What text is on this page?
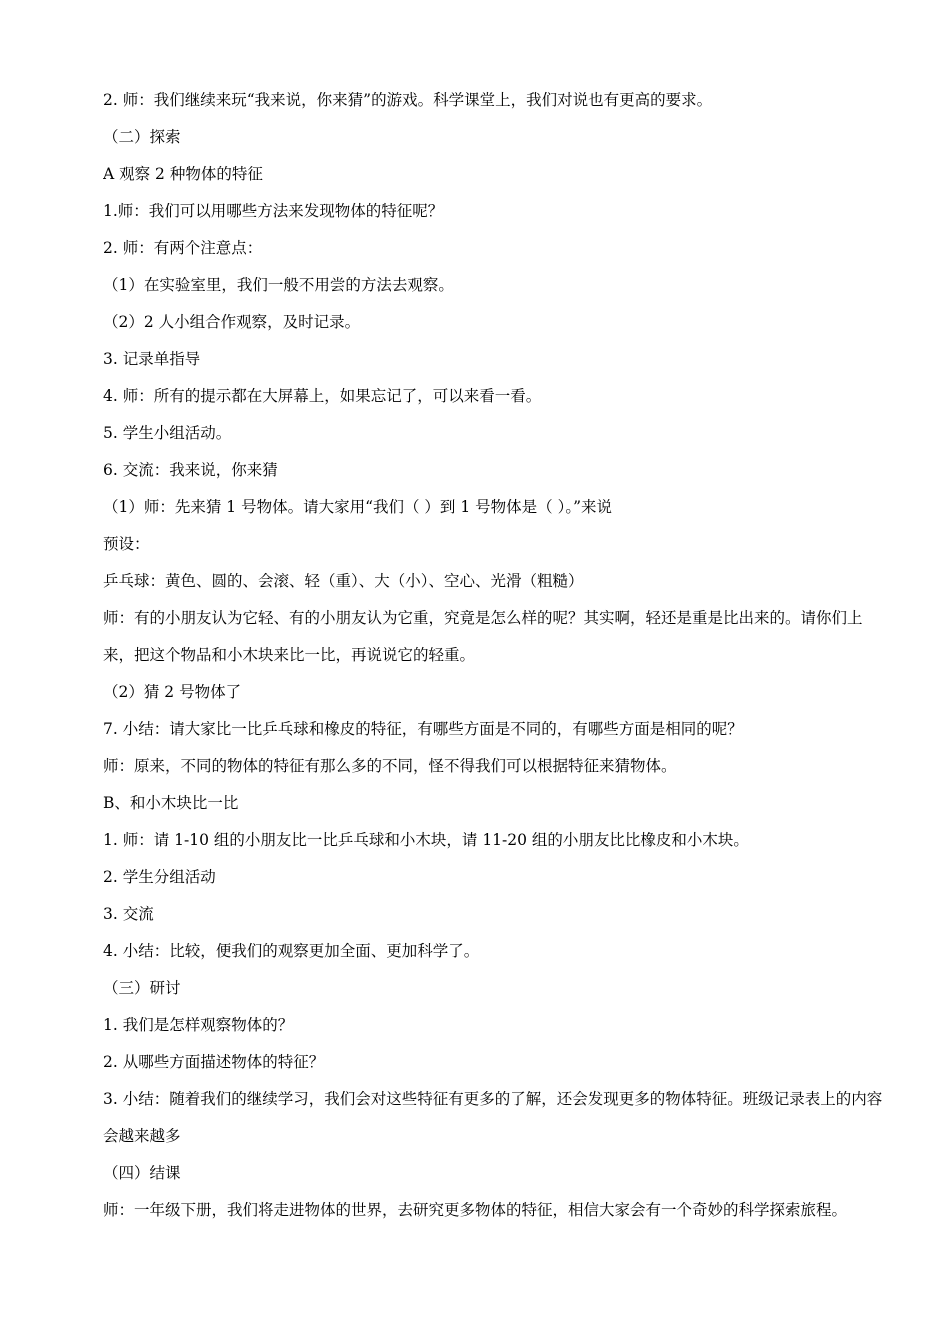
2. 师：我们继续来玩“我来说，你来猜”的游戏。科学课堂上，我们对说也有更高的要求。
（二）探索
A 观察 2 种物体的特征
1.师：我们可以用哪些方法来发现物体的特征呢？
2. 师：有两个注意点：
（1）在实验室里，我们一般不用尝的方法去观察。
（2）2 人小组合作观察，及时记录。
3. 记录单指导
4. 师：所有的提示都在大屏幕上，如果忘记了，可以来看一看。
5. 学生小组活动。
6. 交流：我来说，你来猜
（1）师：先来猜 1 号物体。请大家用“我们（ ）到 1 号物体是（ ）。”来说
预设：
乒乓球：黄色、圆的、会滚、轻（重）、大（小）、空心、光滑（粗糙）
师：有的小朋友认为它轻、有的小朋友认为它重，究竟是怎么样的呢？其实啊，轻还是重是比出来的。请你们上来，把这个物品和小木块来比一比，再说说它的轻重。
（2）猜 2 号物体了
7. 小结：请大家比一比乒乓球和橡皮的特征，有哪些方面是不同的，有哪些方面是相同的呢？
师：原来，不同的物体的特征有那么多的不同，怪不得我们可以根据特征来猜物体。
B、和小木块比一比
1. 师：请 1-10 组的小朋友比一比乒乓球和小木块，请 11-20 组的小朋友比比橡皮和小木块。
2. 学生分组活动
3. 交流
4. 小结：比较，便我们的观察更加全面、更加科学了。
（三）研讨
1. 我们是怎样观察物体的？
2. 从哪些方面描述物体的特征？
3. 小结：随着我们的继续学习，我们会对这些特征有更多的了解，还会发现更多的物体特征。班级记录表上的内容会越来越多
（四）结课
师：一年级下册，我们将走进物体的世界，去研究更多物体的特征，相信大家会有一个奇妙的科学探索旅程。
